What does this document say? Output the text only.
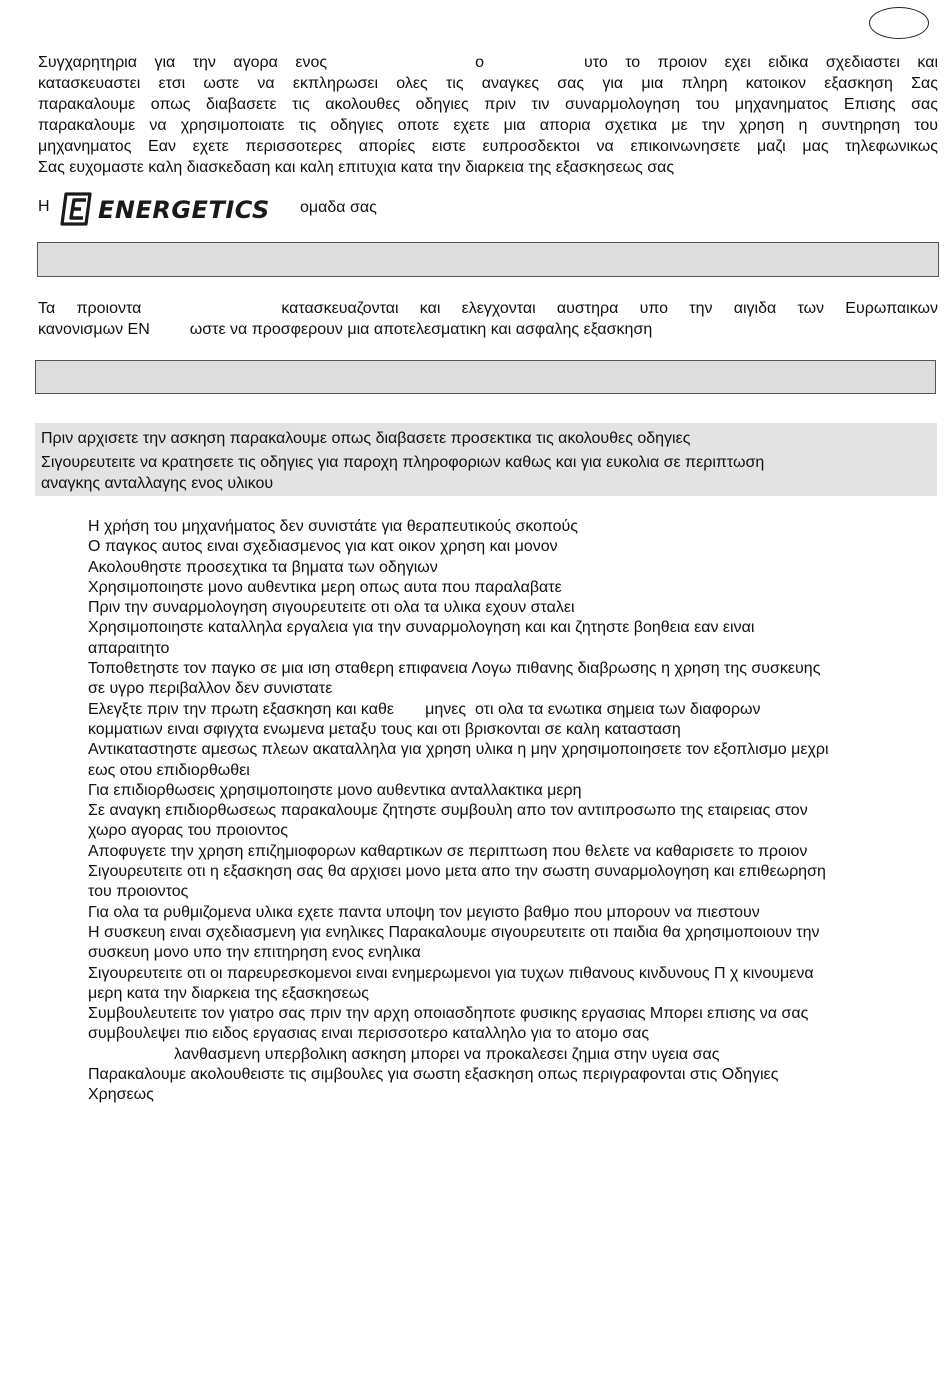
Συγχαρητηρια για την αγορα ενος	ο	υτο το προιον εχει ειδικα σχεδιαστει και
κατασκευαστει ετσι ωστε να εκπληρωσει ολες τις αναγκες σας για μια πληρη κατοικον εξασκηση Σας
παρακαλουμε οπως διαβασετε τις ακολουθες οδηγιες πριν τιν συναρμολογηση του μηχανηματος Επισης σας
παρακαλουμε να χρησιμοποιατε τις οδηγιες οποτε εχετε μια απορια σχετικα με την χρηση η συντηρηση του
μηχανηματος Εαν εχετε περισσοτερες απορίες ειστε ευπροσδεκτοι να επικοινωνησετε μαζι μας τηλεφωνικως
Σας ευχομαστε καλη διασκεδαση και καλη επιτυχια κατα την διαρκεια της εξασκησεως σας
Η ENERGETICS ομαδα σας
Τα προιοντα	κατασκευαζονται και ελεγχονται αυστηρα υπο την αιγιδα των Ευρωπαικων
κανονισμων EN	ωστε να προσφερουν μια αποτελεσματικη και ασφαλης εξασκηση
Πριν αρχισετε την ασκηση παρακαλουμε οπως διαβασετε προσεκτικα τις ακολουθες οδηγιες
Σιγουρευτειτε να κρατησετε τις οδηγιες για παροχη πληροφοριων καθως και για ευκολια σε περιπτωση
αναγκης ανταλλαγης ενος υλικου
Η χρήση του μηχανήματος δεν συνιστάτε για θεραπευτικούς σκοπούς
Ο παγκος αυτος ειναι σχεδιασμενος για κατ οικον χρηση και μονον
Ακολουθηστε προσεχτικα τα βηματα των οδηγιων
Χρησιμοποιηστε μονο αυθεντικα μερη οπως αυτα που παραλαβατε
Πριν την συναρμολογηση σιγουρευτειτε οτι ολα τα υλικα εχουν σταλει
Χρησιμοποιηστε καταλληλα εργαλεια για την συναρμολογηση και και ζητηστε βοηθεια εαν ειναι
απαραιτητο
Τοποθετηστε τον παγκο σε μια ιση σταθερη επιφανεια Λογω πιθανης διαβρωσης η χρηση της συσκευης
σε υγρο περιβαλλον δεν συνιστατε
Ελεγξτε πριν την πρωτη εξασκηση και καθε       μηνες  οτι ολα τα ενωτικα σημεια των διαφορων
κομματιων ειναι σφιγχτα ενωμενα μεταξυ τους και οτι βρισκονται σε καλη κατασταση
Αντικαταστηστε αμεσως πλεων ακαταλληλα για χρηση υλικα η μην χρησιμοποιησετε τον εξοπλισμο μεχρι
εως οτου επιδιορθωθει
Για επιδιορθωσεις χρησιμοποιηστε μονο αυθεντικα ανταλλακτικα μερη
Σε αναγκη επιδιορθωσεως παρακαλουμε ζητηστε συμβουλη απο τον αντιπροσωπο της εταιρειας στον
χωρο αγορας του προιοντος
Αποφυγετε την χρηση επιζημιοφορων καθαρτικων σε περιπτωση που θελετε να καθαρισετε το προιον
Σιγουρευτειτε οτι η εξασκηση σας θα αρχισει μονο μετα απο την σωστη συναρμολογηση και επιθεωρηση
του προιοντος
Για ολα τα ρυθμιζομενα υλικα εχετε παντα υποψη τον μεγιστο βαθμο που μπορουν να πιεστουν
Η συσκευη ειναι σχεδιασμενη για ενηλικες Παρακαλουμε σιγουρευτειτε οτι παιδια θα χρησιμοποιουν την
συσκευη μονο υπο την επιτηρηση ενος ενηλικα
Σιγουρευτειτε οτι οι παρευρεσκομενοι ειναι ενημερωμενοι για τυχων πιθανους κινδυνους Π χ κινουμενα
μερη κατα την διαρκεια της εξασκησεως
Συμβουλευτειτε τον γιατρο σας πριν την αρχη οποιασδηποτε φυσικης εργασιας Μπορει επισης να σας
συμβουλεψει πιο ειδος εργασιας ειναι περισσοτερο καταλληλο για το ατομο σας
λανθασμενη υπερβολικη ασκηση μπορει να προκαλεσει ζημια στην υγεια σας
Παρακαλουμε ακολουθειστε τις σιμβουλες για σωστη εξασκηση οπως περιγραφονται στις Οδηγιες
Χρησεως
